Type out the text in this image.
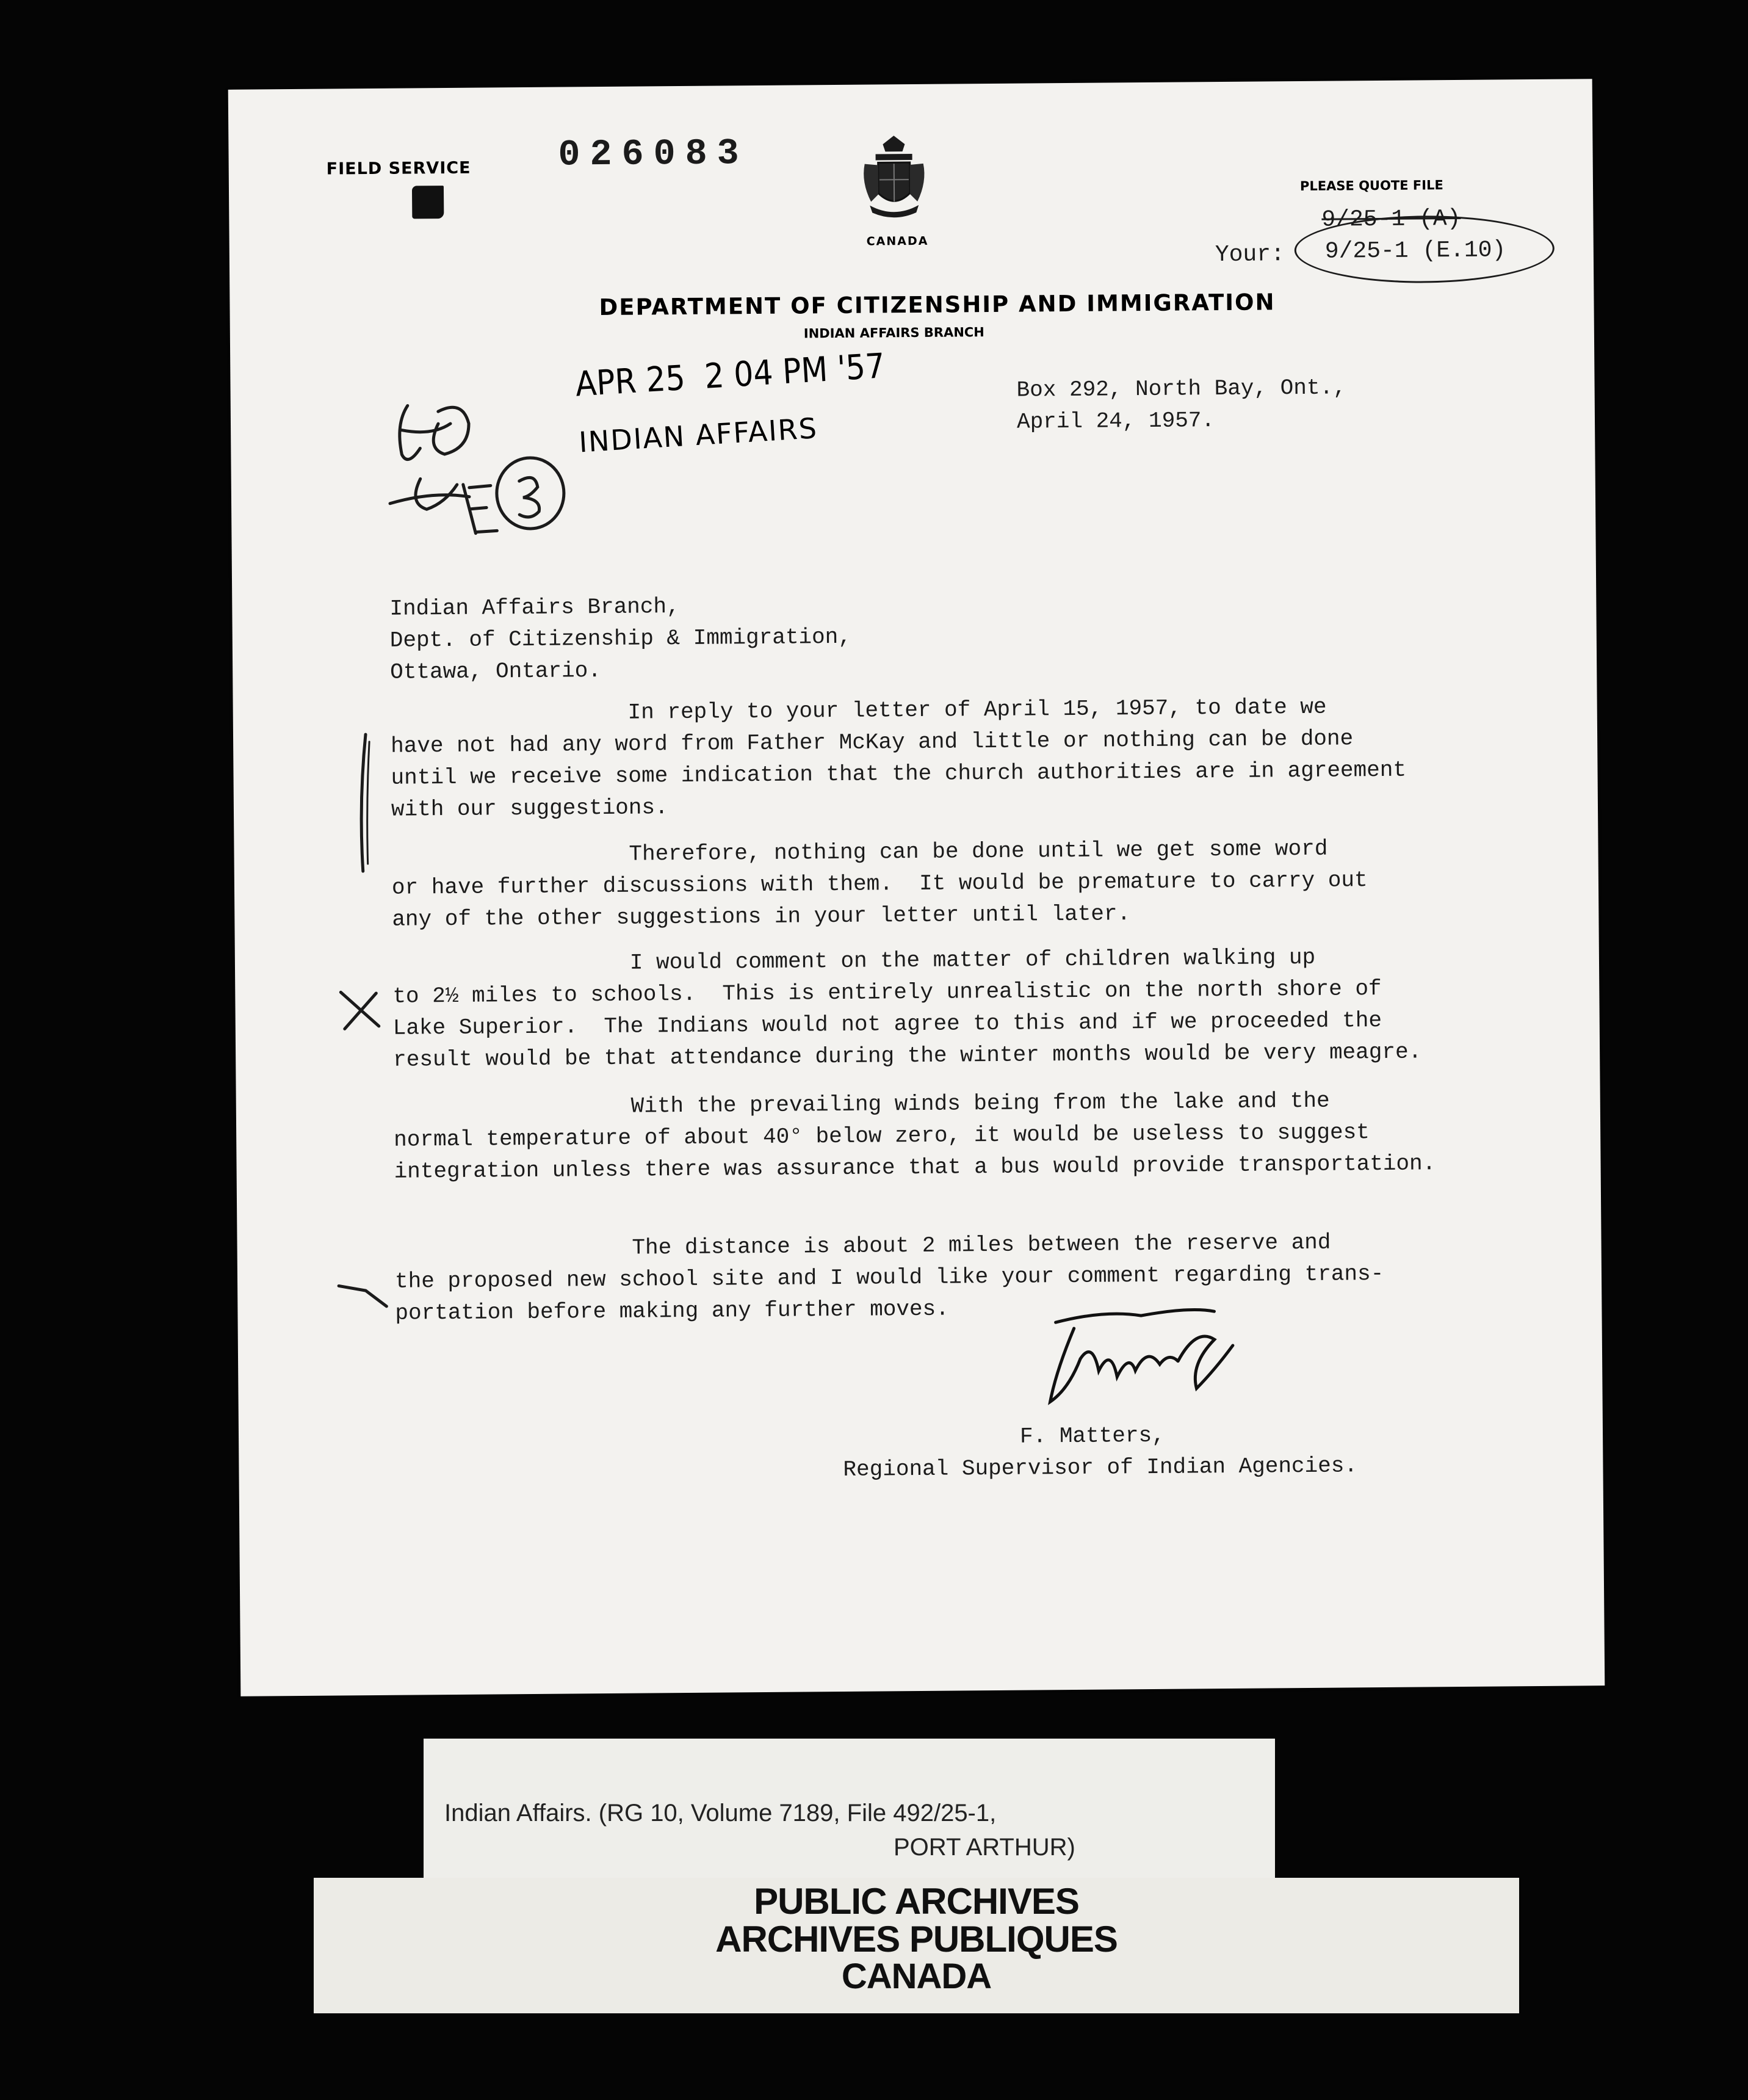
FIELD SERVICE 026083
CANADA
PLEASE QUOTE FILE
9/25-1 (A)
Your: 9/25-1 (E.10)
DEPARTMENT OF CITIZENSHIP AND IMMIGRATION
INDIAN AFFAIRS BRANCH
APR 25  2 04 PM '57
INDIAN AFFAIRS
Box 292, North Bay, Ont.,
April 24, 1957.
Indian Affairs Branch,
Dept. of Citizenship & Immigration,
Ottawa, Ontario.
In reply to your letter of April 15, 1957, to date we
have not had any word from Father McKay and little or nothing can be done
until we receive some indication that the church authorities are in agreement
with our suggestions.
Therefore, nothing can be done until we get some word
or have further discussions with them.  It would be premature to carry out
any of the other suggestions in your letter until later.
I would comment on the matter of children walking up
to 2½ miles to schools.  This is entirely unrealistic on the north shore of
Lake Superior.  The Indians would not agree to this and if we proceeded the
result would be that attendance during the winter months would be very meagre.
With the prevailing winds being from the lake and the
normal temperature of about 40° below zero, it would be useless to suggest
integration unless there was assurance that a bus would provide transportation.
The distance is about 2 miles between the reserve and
the proposed new school site and I would like your comment regarding trans-
portation before making any further moves.
F. Matters,
Regional Supervisor of Indian Agencies.
Indian Affairs. (RG 10, Volume 7189, File 492/25-1,
PORT ARTHUR)
PUBLIC ARCHIVES
ARCHIVES PUBLIQUES
CANADA
